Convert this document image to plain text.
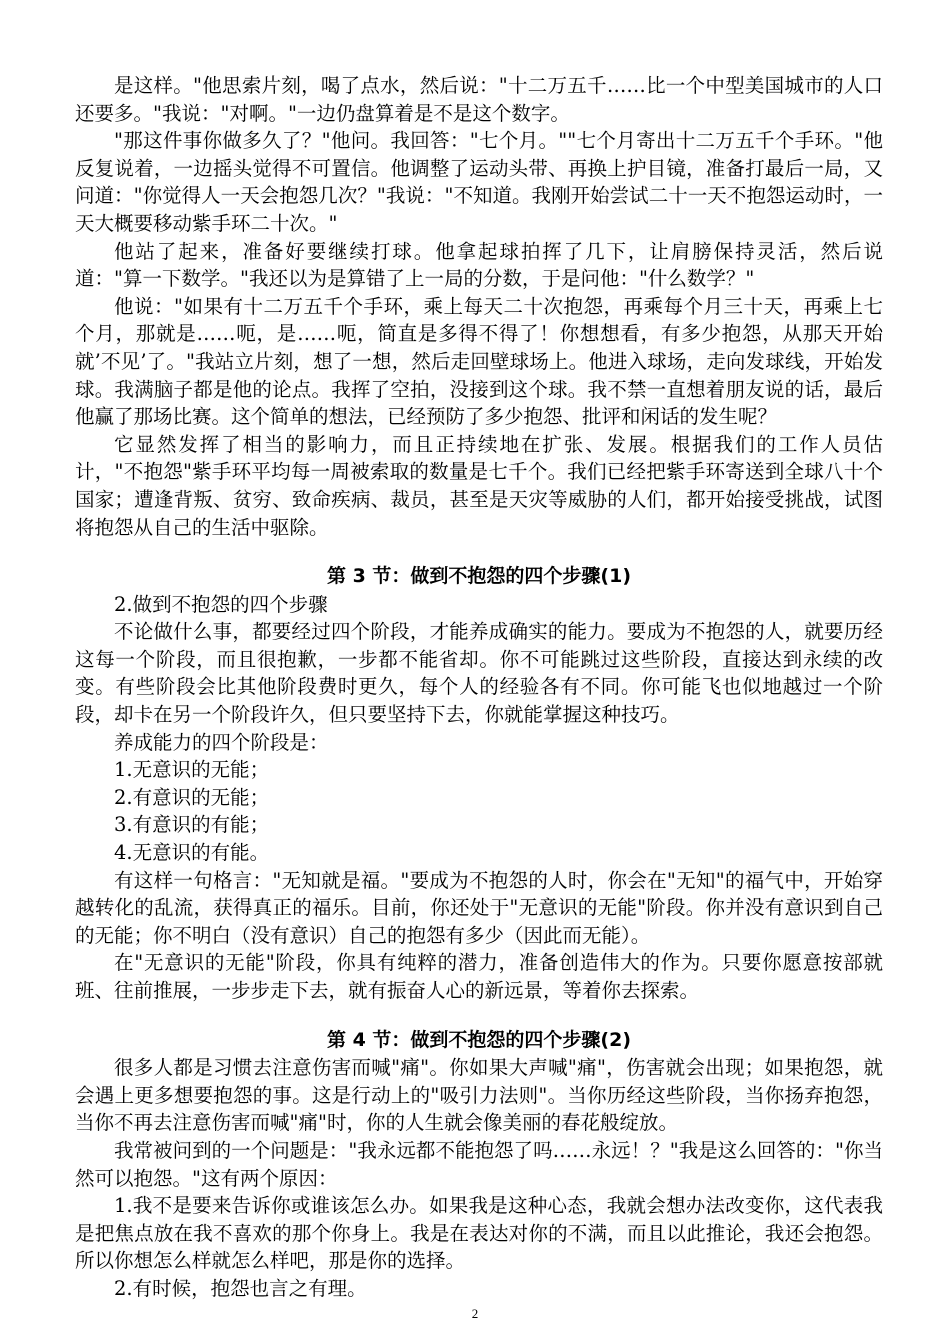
是这样。"他思索片刻，喝了点水，然后说："十二万五千……比一个中型美国城市的人口还要多。"我说："对啊。"一边仍盘算着是不是这个数字。

"那这件事你做多久了？"他问。我回答："七个月。""七个月寄出十二万五千个手环。"他反复说着，一边摇头觉得不可置信。他调整了运动头带、再换上护目镜，准备打最后一局，又问道："你觉得人一天会抱怨几次？"我说："不知道。我刚开始尝试二十一天不抱怨运动时，一天大概要移动紫手环二十次。"

他站了起来，准备好要继续打球。他拿起球拍挥了几下，让肩膀保持灵活，然后说道："算一下数学。"我还以为是算错了上一局的分数，于是问他："什么数学？"

他说："如果有十二万五千个手环，乘上每天二十次抱怨，再乘每个月三十天，再乘上七个月，那就是……呃，是……呃，简直是多得不得了！你想想看，有多少抱怨，从那天开始就’不见’了。"我站立片刻，想了一想，然后走回壁球场上。他进入球场，走向发球线，开始发球。我满脑子都是他的论点。我挥了空拍，没接到这个球。我不禁一直想着朋友说的话，最后他赢了那场比赛。这个简单的想法，已经预防了多少抱怨、批评和闲话的发生呢？

它显然发挥了相当的影响力，而且正持续地在扩张、发展。根据我们的工作人员估计，"不抱怨"紫手环平均每一周被索取的数量是七千个。我们已经把紫手环寄送到全球八十个国家；遭逢背叛、贫穷、致命疾病、裁员，甚至是天灾等威胁的人们，都开始接受挑战，试图将抱怨从自己的生活中驱除。

第 3 节：做到不抱怨的四个步骤(1)

2.做到不抱怨的四个步骤

不论做什么事，都要经过四个阶段，才能养成确实的能力。要成为不抱怨的人，就要历经这每一个阶段，而且很抱歉，一步都不能省却。你不可能跳过这些阶段，直接达到永续的改变。有些阶段会比其他阶段费时更久，每个人的经验各有不同。你可能飞也似地越过一个阶段，却卡在另一个阶段许久，但只要坚持下去，你就能掌握这种技巧。

养成能力的四个阶段是：

1.无意识的无能；

2.有意识的无能；

3.有意识的有能；

4.无意识的有能。

有这样一句格言："无知就是福。"要成为不抱怨的人时，你会在"无知"的福气中，开始穿越转化的乱流，获得真正的福乐。目前，你还处于"无意识的无能"阶段。你并没有意识到自己的无能；你不明白（没有意识）自己的抱怨有多少（因此而无能）。

在"无意识的无能"阶段，你具有纯粹的潜力，准备创造伟大的作为。只要你愿意按部就班、往前推展，一步步走下去，就有振奋人心的新远景，等着你去探索。

第 4 节：做到不抱怨的四个步骤(2)

很多人都是习惯去注意伤害而喊"痛"。你如果大声喊"痛"，伤害就会出现；如果抱怨，就会遇上更多想要抱怨的事。这是行动上的"吸引力法则"。当你历经这些阶段，当你扬弃抱怨，当你不再去注意伤害而喊"痛"时，你的人生就会像美丽的春花般绽放。

我常被问到的一个问题是："我永远都不能抱怨了吗……永远！？"我是这么回答的："你当然可以抱怨。"这有两个原因：

1.我不是要来告诉你或谁该怎么办。如果我是这种心态，我就会想办法改变你，这代表我是把焦点放在我不喜欢的那个你身上。我是在表达对你的不满，而且以此推论，我还会抱怨。所以你想怎么样就怎么样吧，那是你的选择。

2.有时候，抱怨也言之有理。

2
